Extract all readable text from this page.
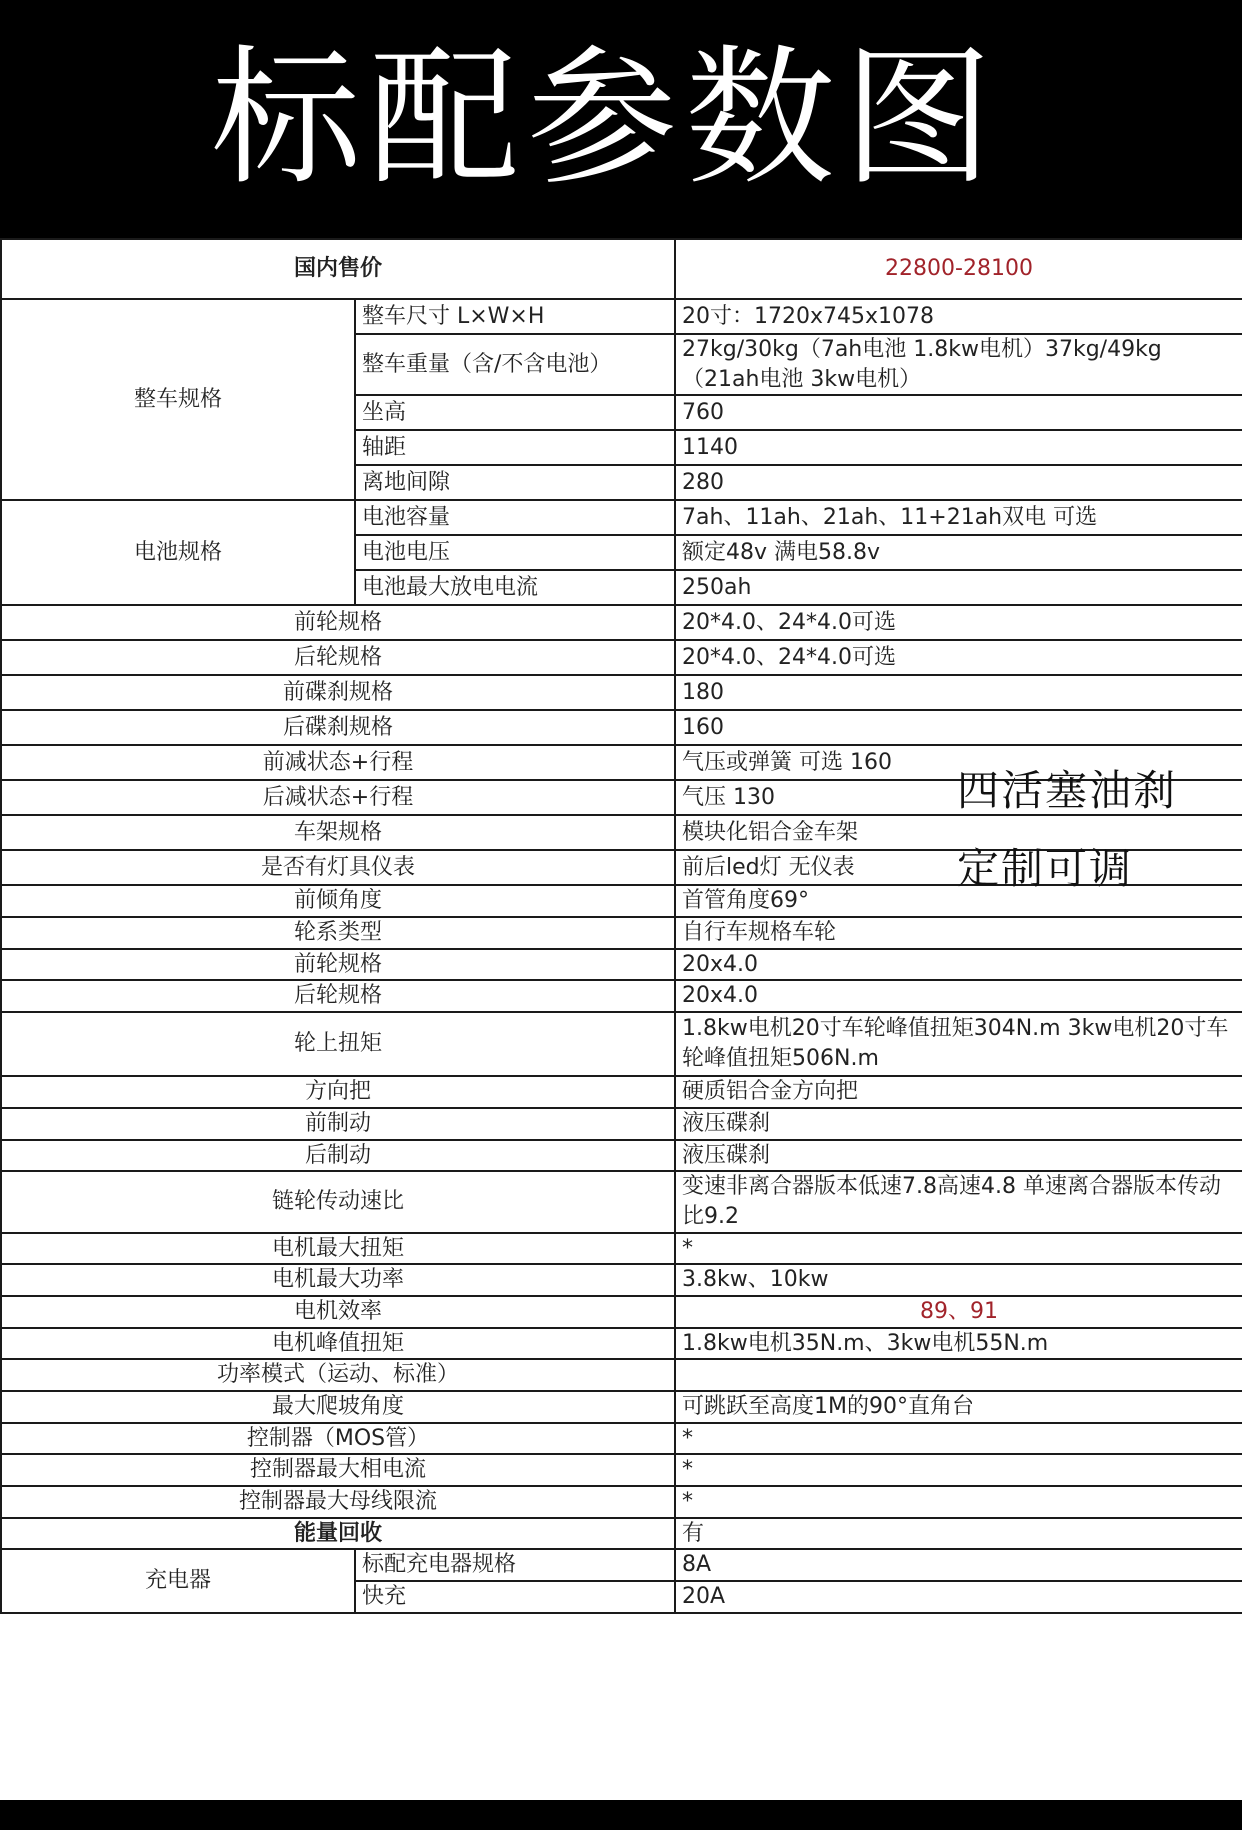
标配参数图
国内售价		22800-28100
整车规格	整车尺寸 L×W×H	20寸：1720x745x1078
	整车重量（含/不含电池）	27kg/30kg（7ah电池 1.8kw电机）37kg/49kg（21ah电池 3kw电机）
	坐高	760
	轴距	1140
	离地间隙	280
电池规格	电池容量	7ah、11ah、21ah、11+21ah双电 可选
	电池电压	额定48v 满电58.8v
	电池最大放电电流	250ah
前轮规格		20*4.0、24*4.0可选
后轮规格		20*4.0、24*4.0可选
前碟刹规格		180
后碟刹规格		160
前减状态+行程		气压或弹簧 可选 160
后减状态+行程		气压 130
车架规格		模块化铝合金车架
是否有灯具仪表		前后led灯 无仪表
前倾角度		首管角度69°
轮系类型		自行车规格车轮
前轮规格		20x4.0
后轮规格		20x4.0
轮上扭矩		1.8kw电机20寸车轮峰值扭矩304N.m 3kw电机20寸车轮峰值扭矩506N.m
方向把		硬质铝合金方向把
前制动		液压碟刹
后制动		液压碟刹
链轮传动速比		变速非离合器版本低速7.8高速4.8 单速离合器版本传动比9.2
电机最大扭矩		*
电机最大功率		3.8kw、10kw
电机效率		89、91
电机峰值扭矩		1.8kw电机35N.m、3kw电机55N.m
功率模式（运动、标准）		
最大爬坡角度		可跳跃至高度1M的90°直角台
控制器（MOS管）		*
控制器最大相电流		*
控制器最大母线限流		*
能量回收		有
充电器	标配充电器规格	8A
	快充	20A
四活塞油刹
定制可调
